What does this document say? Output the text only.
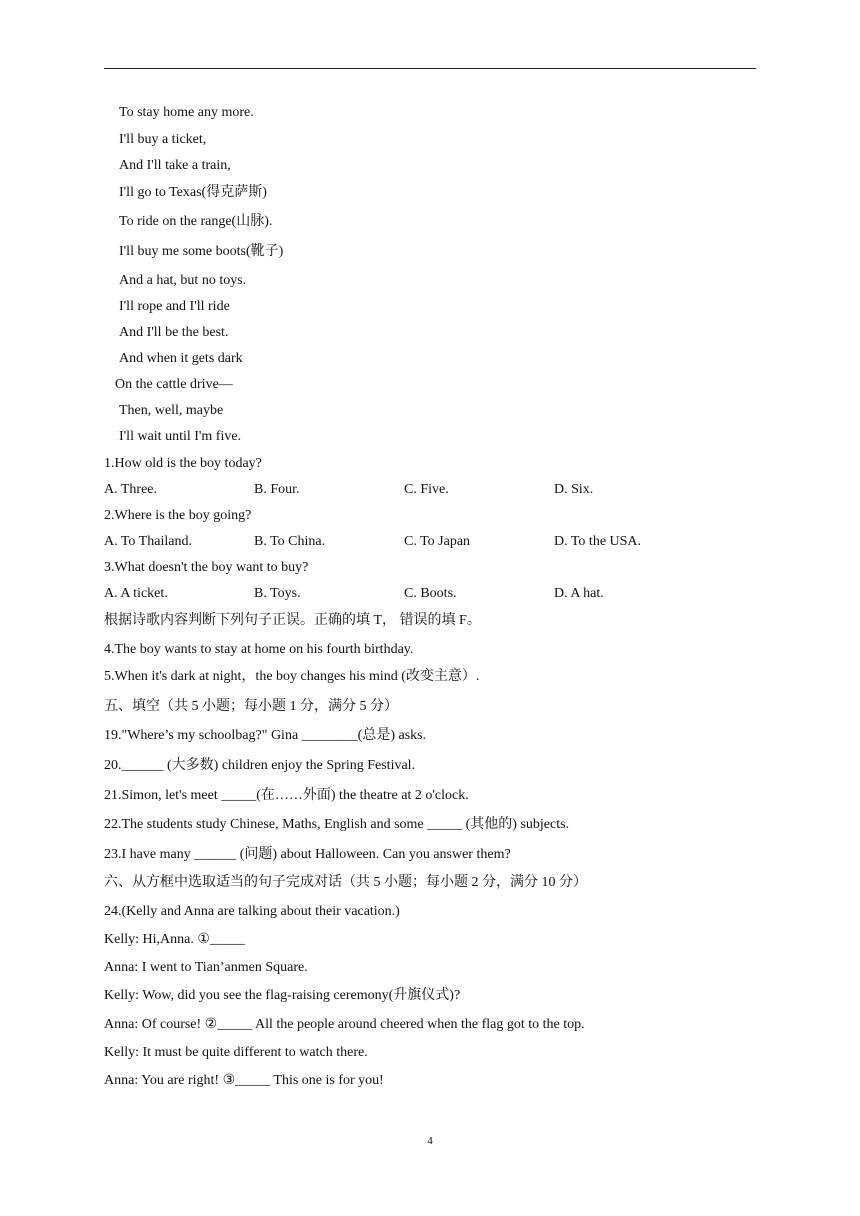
To stay home any more.
I'll buy a ticket,
And I'll take a train,
I'll go to Texas(得克萨斯)
To ride on the range(山脉).
I'll buy me some boots(靴子)
And a hat, but no toys.
I'll rope and I'll ride
And I'll be the best.
And when it gets dark
On the cattle drive—
Then, well, maybe
I'll wait until I'm five.
1.How old is the boy today?
A. Three.	B. Four.	C. Five.	D. Six.
2.Where is the boy going?
A. To Thailand.	B. To China.	C. To Japan	D. To the USA.
3.What doesn't the boy want to buy?
A. A ticket.	B. Toys.	C. Boots.	D. A hat.
根据诗歌内容判断下列句子正误。正确的填 T， 错误的填 F。
4.The boy wants to stay at home on his fourth birthday.
5.When it's dark at night，the boy changes his mind (改变主意）.
五、填空（共 5 小题；每小题 1 分，满分 5 分）
19."Where’s my schoolbag?" Gina ________(总是) asks.
20.______ (大多数) children enjoy the Spring Festival.
21.Simon, let's meet _____(在……外面) the theatre at 2 o'clock.
22.The students study Chinese, Maths, English and some _____ (其他的) subjects.
23.I have many ______ (问题) about Halloween. Can you answer them?
六、从方框中选取适当的句子完成对话（共 5 小题；每小题 2 分，满分 10 分）
24.(Kelly and Anna are talking about their vacation.)
Kelly: Hi,Anna. ①_____
Anna: I went to Tian’anmen Square.
Kelly: Wow, did you see the flag-raising ceremony(升旗仪式)?
Anna: Of course! ②_____ All the people around cheered when the flag got to the top.
Kelly: It must be quite different to watch there.
Anna: You are right! ③_____ This one is for you!
4
